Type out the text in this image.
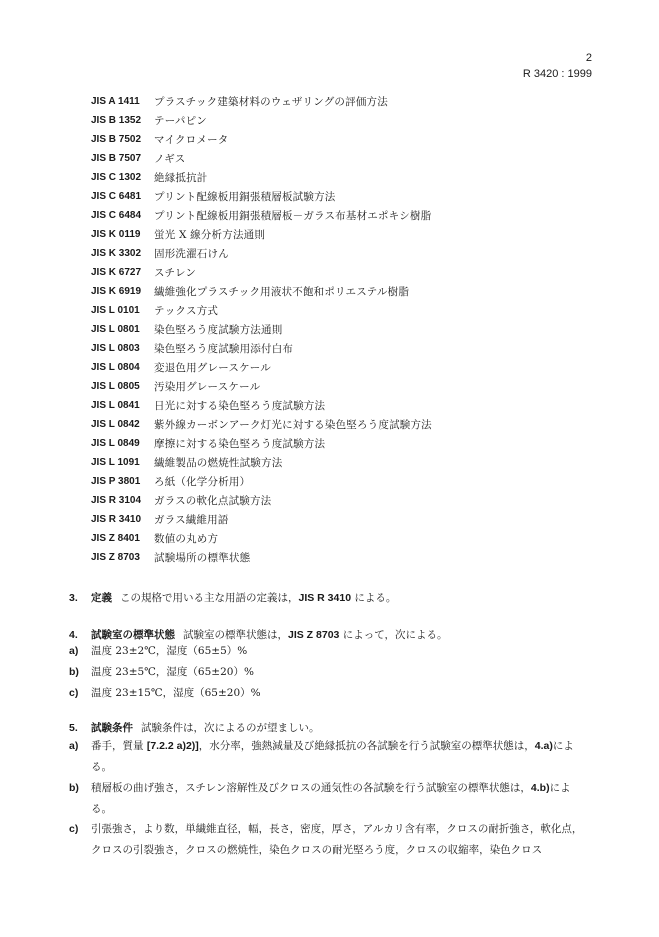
2
R 3420 : 1999
JIS A 1411	プラスチック建築材料のウェザリングの評価方法
JIS B 1352	テーパピン
JIS B 7502	マイクロメータ
JIS B 7507	ノギス
JIS C 1302	絶縁抵抗計
JIS C 6481	プリント配線板用銅張積層板試験方法
JIS C 6484	プリント配線板用銅張積層板－ガラス布基材エポキシ樹脂
JIS K 0119	蛍光 X 線分析方法通則
JIS K 3302	固形洗濯石けん
JIS K 6727	スチレン
JIS K 6919	繊維強化プラスチック用液状不飽和ポリエステル樹脂
JIS L 0101	テックス方式
JIS L 0801	染色堅ろう度試験方法通則
JIS L 0803	染色堅ろう度試験用添付白布
JIS L 0804	変退色用グレースケール
JIS L 0805	汚染用グレースケール
JIS L 0841	日光に対する染色堅ろう度試験方法
JIS L 0842	紫外線カーボンアーク灯光に対する染色堅ろう度試験方法
JIS L 0849	摩擦に対する染色堅ろう度試験方法
JIS L 1091	繊維製品の燃焼性試験方法
JIS P 3801	ろ紙（化学分析用）
JIS R 3104	ガラスの軟化点試験方法
JIS R 3410	ガラス繊維用語
JIS Z 8401	数値の丸め方
JIS Z 8703	試験場所の標準状態
3. 定義 この規格で用いる主な用語の定義は，JIS R 3410 による。
4. 試験室の標準状態 試験室の標準状態は，JIS Z 8703 によって，次による。
a) 温度 23±2℃，湿度（65±5）%
b) 温度 23±5℃，湿度（65±20）%
c) 温度 23±15℃，湿度（65±20）%
5. 試験条件 試験条件は，次によるのが望ましい。
a) 番手，質量 [7.2.2 a)2)]，水分率，強熱減量及び絶縁抵抗の各試験を行う試験室の標準状態は，4.a)による。
b) 積層板の曲げ強さ，スチレン溶解性及びクロスの通気性の各試験を行う試験室の標準状態は，4.b)による。
c) 引張強さ，より数，単繊維直径，幅，長さ，密度，厚さ，アルカリ含有率，クロスの耐折強さ，軟化点，クロスの引裂強さ，クロスの燃焼性，染色クロスの耐光堅ろう度，クロスの収縮率，染色クロス
